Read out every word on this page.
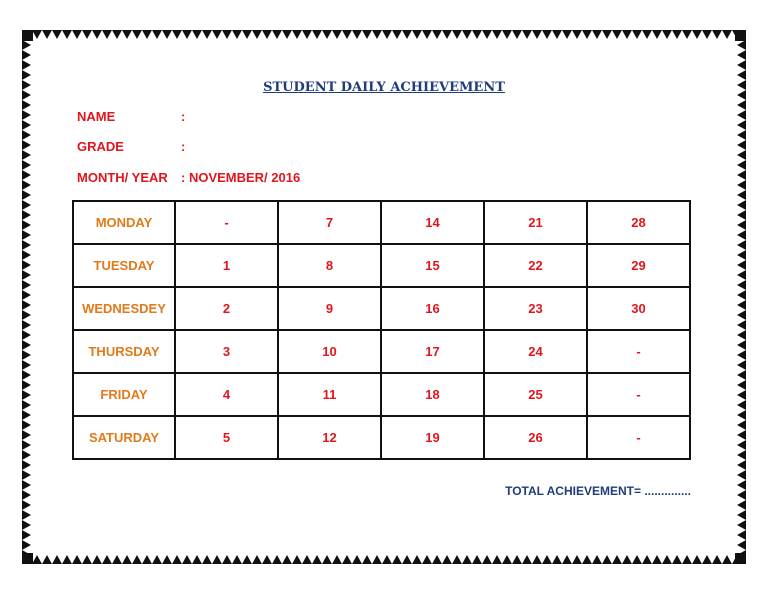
STUDENT DAILY ACHIEVEMENT
NAME	:
GRADE	:
MONTH/ YEAR : NOVEMBER/ 2016
MONDAY	-	7	14	21	28
TUESDAY	1	8	15	22	29
WEDNESDEY	2	9	16	23	30
THURSDAY	3	10	17	24	-
FRIDAY	4	11	18	25	-
SATURDAY	5	12	19	26	-
TOTAL ACHIEVEMENT= ..............
